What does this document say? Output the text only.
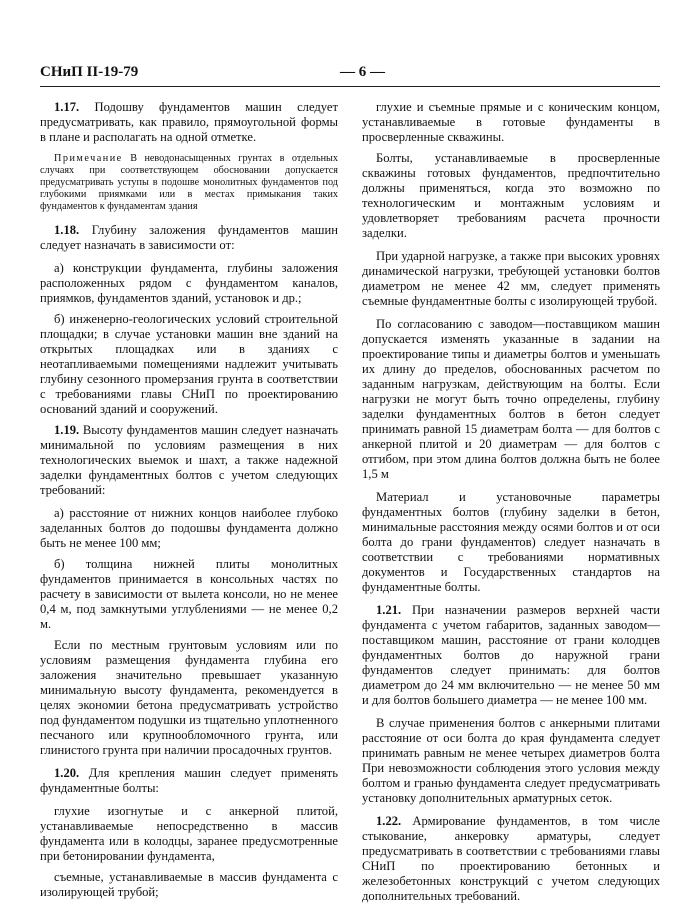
СНиП II-19-79	— 6 —

1.17. Подошву фундаментов машин следует предусматривать, как правило, прямоугольной формы в плане и располагать на одной отметке.

Примечание В неводонасыщенных грунтах в отдельных случаях при соответствующем обосновании допускается предусматривать уступы в подошве монолитных фундаментов под глубокими приямками или в местах примыкания таких фундаментов к фундаментам здания

1.18. Глубину заложения фундаментов машин следует назначать в зависимости от:

а) конструкции фундамента, глубины заложения расположенных рядом с фундаментом каналов, приямков, фундаментов зданий, установок и др.;

б) инженерно-геологических условий строительной площадки; в случае установки машин вне зданий на открытых площадках или в зданиях с неотапливаемыми помещениями надлежит учитывать глубину сезонного промерзания грунта в соответствии с требованиями главы СНиП по проектированию оснований зданий и сооружений.

1.19. Высоту фундаментов машин следует назначать минимальной по условиям размещения в них технологических выемок и шахт, а также надежной заделки фундаментных болтов с учетом следующих требований:

а) расстояние от нижних концов наиболее глубоко заделанных болтов до подошвы фундамента должно быть не менее 100 мм;

б) толщина нижней плиты монолитных фундаментов принимается в консольных частях по расчету в зависимости от вылета консоли, но не менее 0,4 м, под замкнутыми углублениями — не менее 0,2 м.

Если по местным грунтовым условиям или по условиям размещения фундамента глубина его заложения значительно превышает указанную минимальную высоту фундамента, рекомендуется в целях экономии бетона предусматривать устройство под фундаментом подушки из тщательно уплотненного песчаного или крупнообломочного грунта, или глинистого грунта при наличии просадочных грунтов.

1.20. Для крепления машин следует применять фундаментные болты:

глухие изогнутые и с анкерной плитой, устанавливаемые непосредственно в массив фундамента или в колодцы, заранее предусмотренные при бетонировании фундамента,

съемные, устанавливаемые в массив фундамента с изолирующей трубой;

глухие и съемные прямые и с коническим концом, устанавливаемые в готовые фундаменты в просверленные скважины.

Болты, устанавливаемые в просверленные скважины готовых фундаментов, предпочтительно должны применяться, когда это возможно по технологическим и монтажным условиям и удовлетворяет требованиям расчета прочности заделки.

При ударной нагрузке, а также при высоких уровнях динамической нагрузки, требующей установки болтов диаметром не менее 42 мм, следует применять съемные фундаментные болты с изолирующей трубой.

По согласованию с заводом—поставщиком машин допускается изменять указанные в задании на проектирование типы и диаметры болтов и уменьшать их длину до пределов, обоснованных расчетом по заданным нагрузкам, действующим на болты. Если нагрузки не могут быть точно определены, глубину заделки фундаментных болтов в бетон следует принимать равной 15 диаметрам болта — для болтов с анкерной плитой и 20 диаметрам — для болтов с отгибом, при этом длина болтов должна быть не более 1,5 м

Материал и установочные параметры фундаментных болтов (глубину заделки в бетон, минимальные расстояния между осями болтов и от оси болта до грани фундаментов) следует назначать в соответствии с требованиями нормативных документов и Государственных стандартов на фундаментные болты.

1.21. При назначении размеров верхней части фундамента с учетом габаритов, заданных заводом—поставщиком машин, расстояние от грани колодцев фундаментных болтов до наружной грани фундаментов следует принимать: для болтов диаметром до 24 мм включительно — не менее 50 мм и для болтов большего диаметра — не менее 100 мм.

В случае применения болтов с анкерными плитами расстояние от оси болта до края фундамента следует принимать равным не менее четырех диаметров болта При невозможности соблюдения этого условия между болтом и гранью фундамента следует предусматривать установку дополнительных арматурных сеток.

1.22. Армирование фундаментов, в том числе стыкование, анкеровку арматуры, следует предусматривать в соответствии с требованиями главы СНиП по проектированию бетонных и железобетонных конструкций с учетом следующих дополнительных требований.
